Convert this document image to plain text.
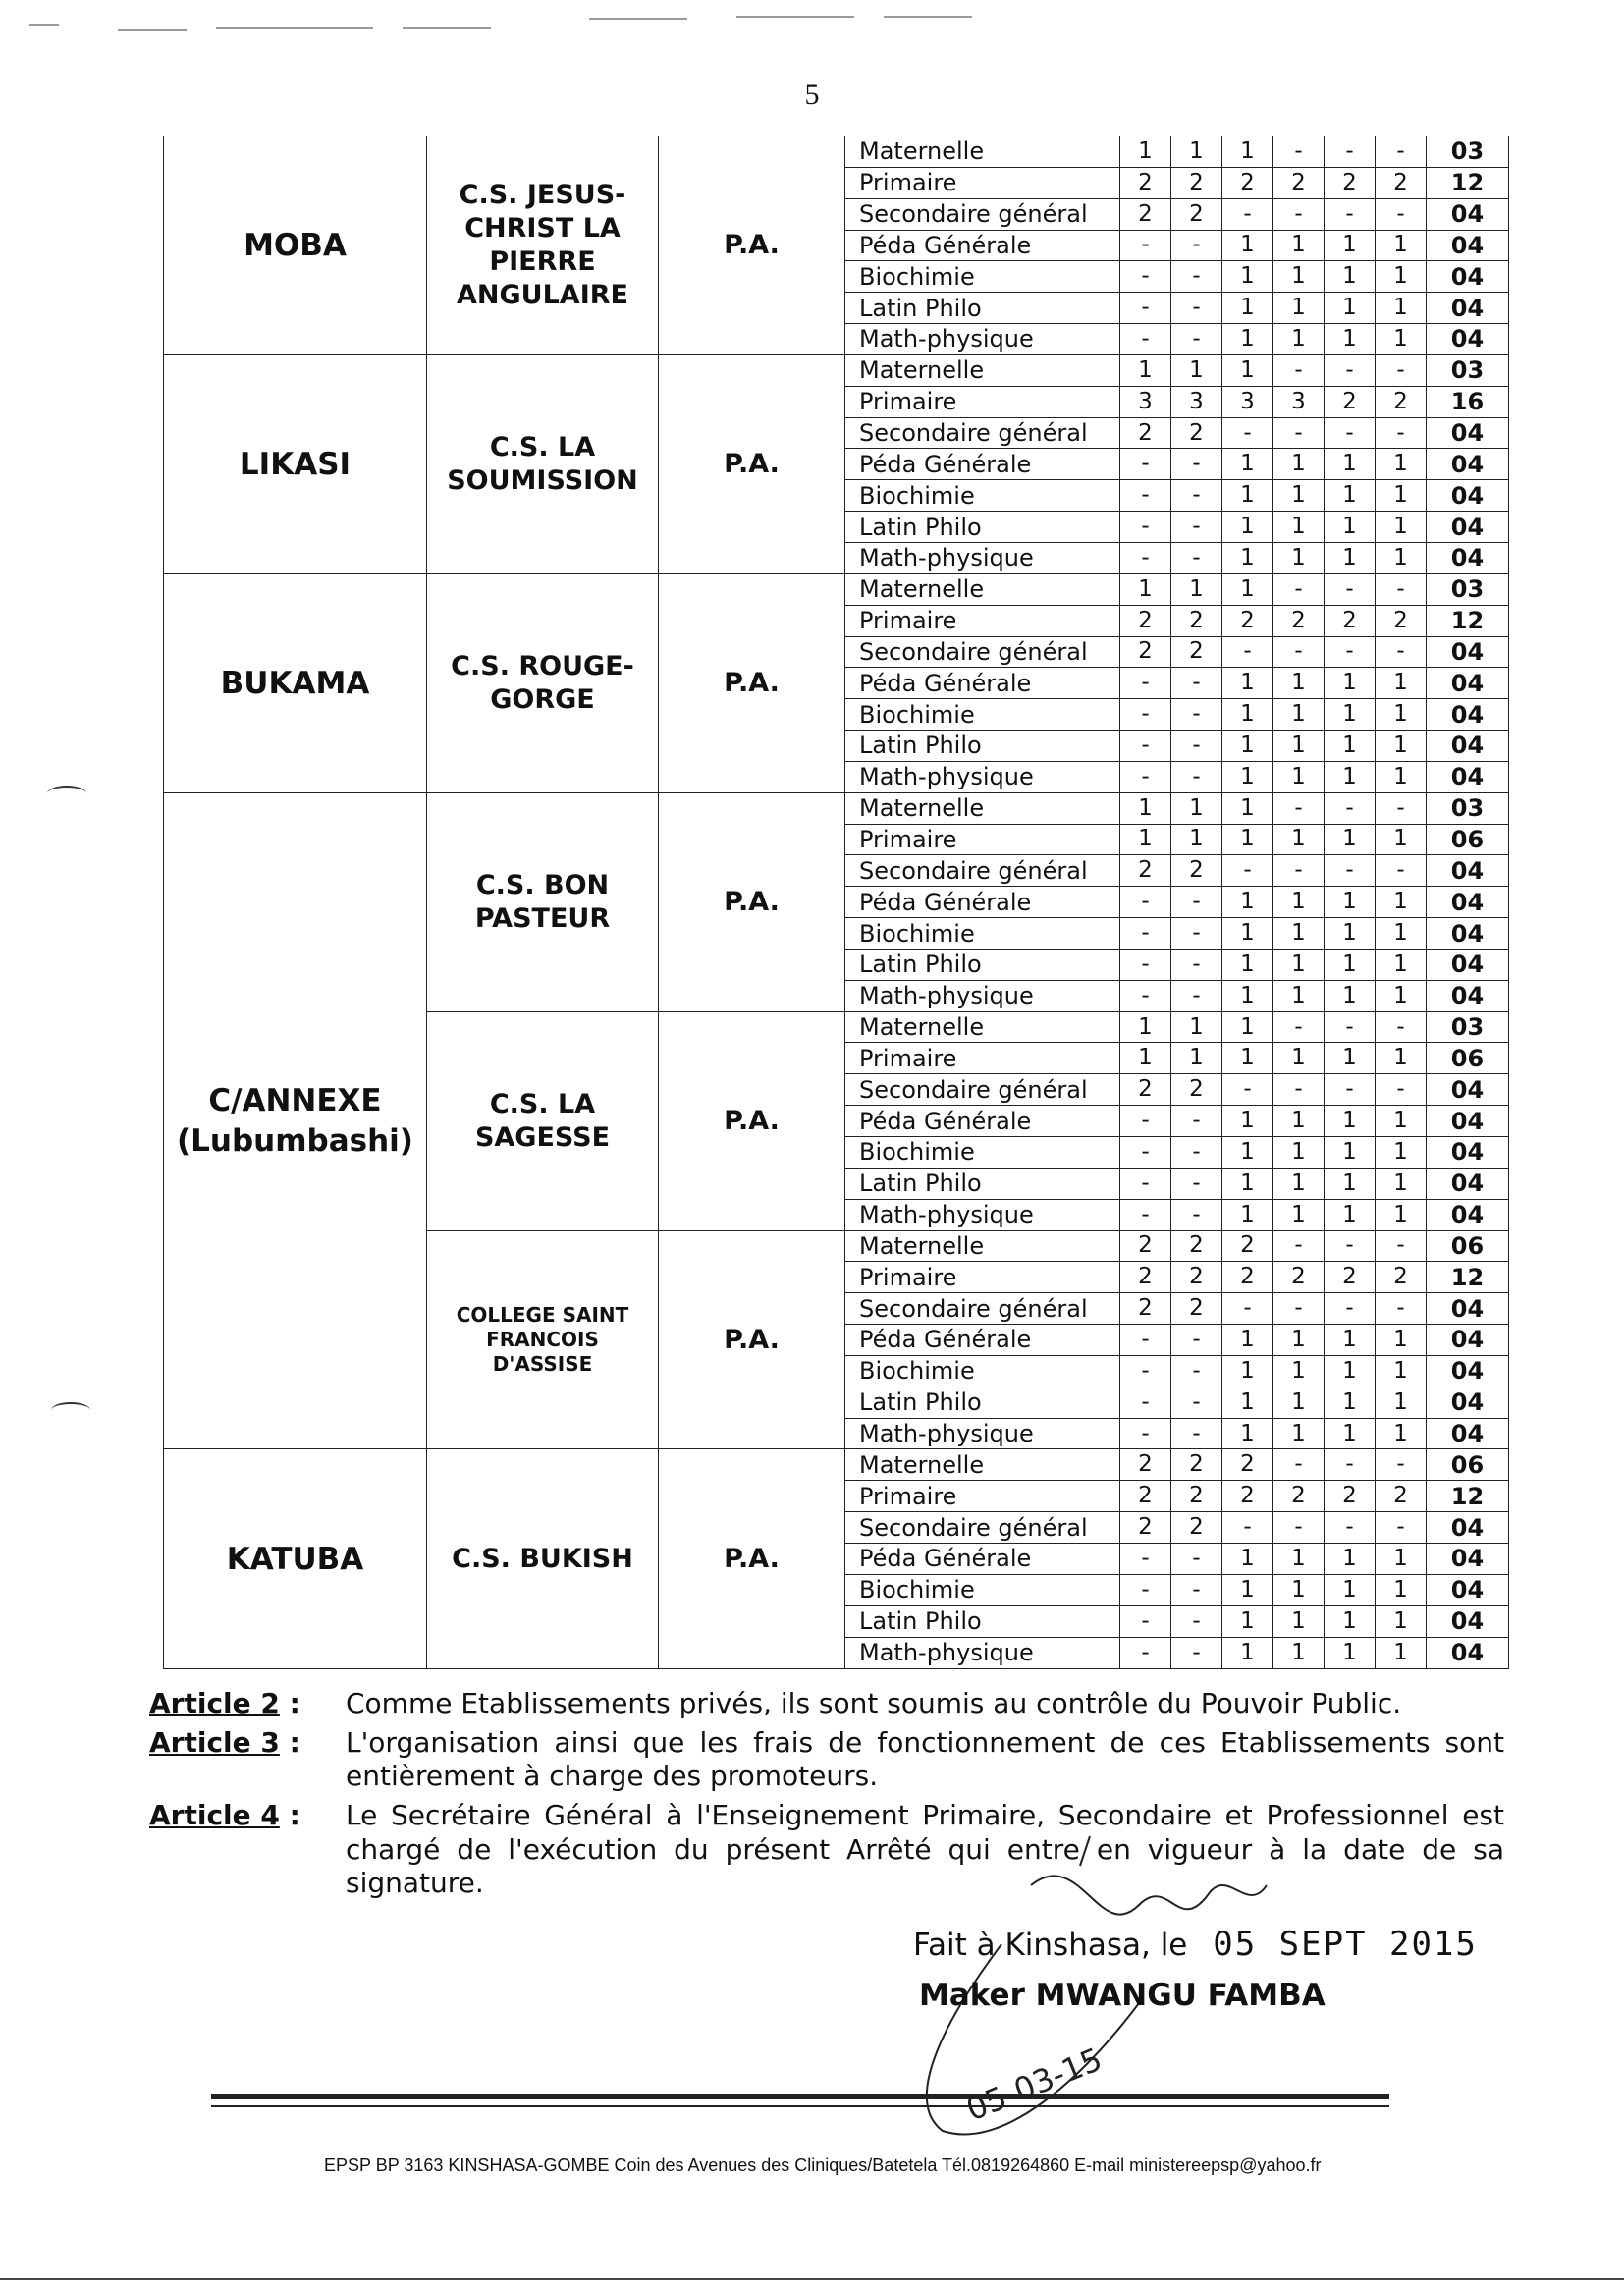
5
MOBA	C.S. JESUS-CHRIST LA PIERRE ANGULAIRE	P.A.	Maternelle	1	1	1	-	-	-	03
			Primaire	2	2	2	2	2	2	12
			Secondaire général	2	2	-	-	-	-	04
			Péda Générale	-	-	1	1	1	1	04
			Biochimie	-	-	1	1	1	1	04
			Latin Philo	-	-	1	1	1	1	04
			Math-physique	-	-	1	1	1	1	04
LIKASI	C.S. LA SOUMISSION	P.A.	Maternelle	1	1	1	-	-	-	03
			Primaire	3	3	3	3	2	2	16
			Secondaire général	2	2	-	-	-	-	04
			Péda Générale	-	-	1	1	1	1	04
			Biochimie	-	-	1	1	1	1	04
			Latin Philo	-	-	1	1	1	1	04
			Math-physique	-	-	1	1	1	1	04
BUKAMA	C.S. ROUGE-GORGE	P.A.	Maternelle	1	1	1	-	-	-	03
			Primaire	2	2	2	2	2	2	12
			Secondaire général	2	2	-	-	-	-	04
			Péda Générale	-	-	1	1	1	1	04
			Biochimie	-	-	1	1	1	1	04
			Latin Philo	-	-	1	1	1	1	04
			Math-physique	-	-	1	1	1	1	04
C/ANNEXE (Lubumbashi)	C.S. BON PASTEUR	P.A.	Maternelle	1	1	1	-	-	-	03
			Primaire	1	1	1	1	1	1	06
			Secondaire général	2	2	-	-	-	-	04
			Péda Générale	-	-	1	1	1	1	04
			Biochimie	-	-	1	1	1	1	04
			Latin Philo	-	-	1	1	1	1	04
			Math-physique	-	-	1	1	1	1	04
	C.S. LA SAGESSE	P.A.	Maternelle	1	1	1	-	-	-	03
			Primaire	1	1	1	1	1	1	06
			Secondaire général	2	2	-	-	-	-	04
			Péda Générale	-	-	1	1	1	1	04
			Biochimie	-	-	1	1	1	1	04
			Latin Philo	-	-	1	1	1	1	04
			Math-physique	-	-	1	1	1	1	04
	COLLEGE SAINT FRANCOIS D'ASSISE	P.A.	Maternelle	2	2	2	-	-	-	06
			Primaire	2	2	2	2	2	2	12
			Secondaire général	2	2	-	-	-	-	04
			Péda Générale	-	-	1	1	1	1	04
			Biochimie	-	-	1	1	1	1	04
			Latin Philo	-	-	1	1	1	1	04
			Math-physique	-	-	1	1	1	1	04
KATUBA	C.S. BUKISH	P.A.	Maternelle	2	2	2	-	-	-	06
			Primaire	2	2	2	2	2	2	12
			Secondaire général	2	2	-	-	-	-	04
			Péda Générale	-	-	1	1	1	1	04
			Biochimie	-	-	1	1	1	1	04
			Latin Philo	-	-	1	1	1	1	04
			Math-physique	-	-	1	1	1	1	04
Article 2 :	Comme Etablissements privés, ils sont soumis au contrôle du Pouvoir Public.
Article 3 :	L'organisation ainsi que les frais de fonctionnement de ces Etablissements sont entièrement à charge des promoteurs.
Article 4 :	Le Secrétaire Général à l'Enseignement Primaire, Secondaire et Professionnel est chargé de l'exécution du présent Arrêté qui entre en vigueur à la date de sa signature.
05-03-15
Fait à Kinshasa, le 05 SEPT 2015
Maker MWANGU FAMBA
EPSP BP 3163 KINSHASA-GOMBE Coin des Avenues des Cliniques/Batetela Tél.0819264860 E-mail ministereepsp@yahoo.fr
